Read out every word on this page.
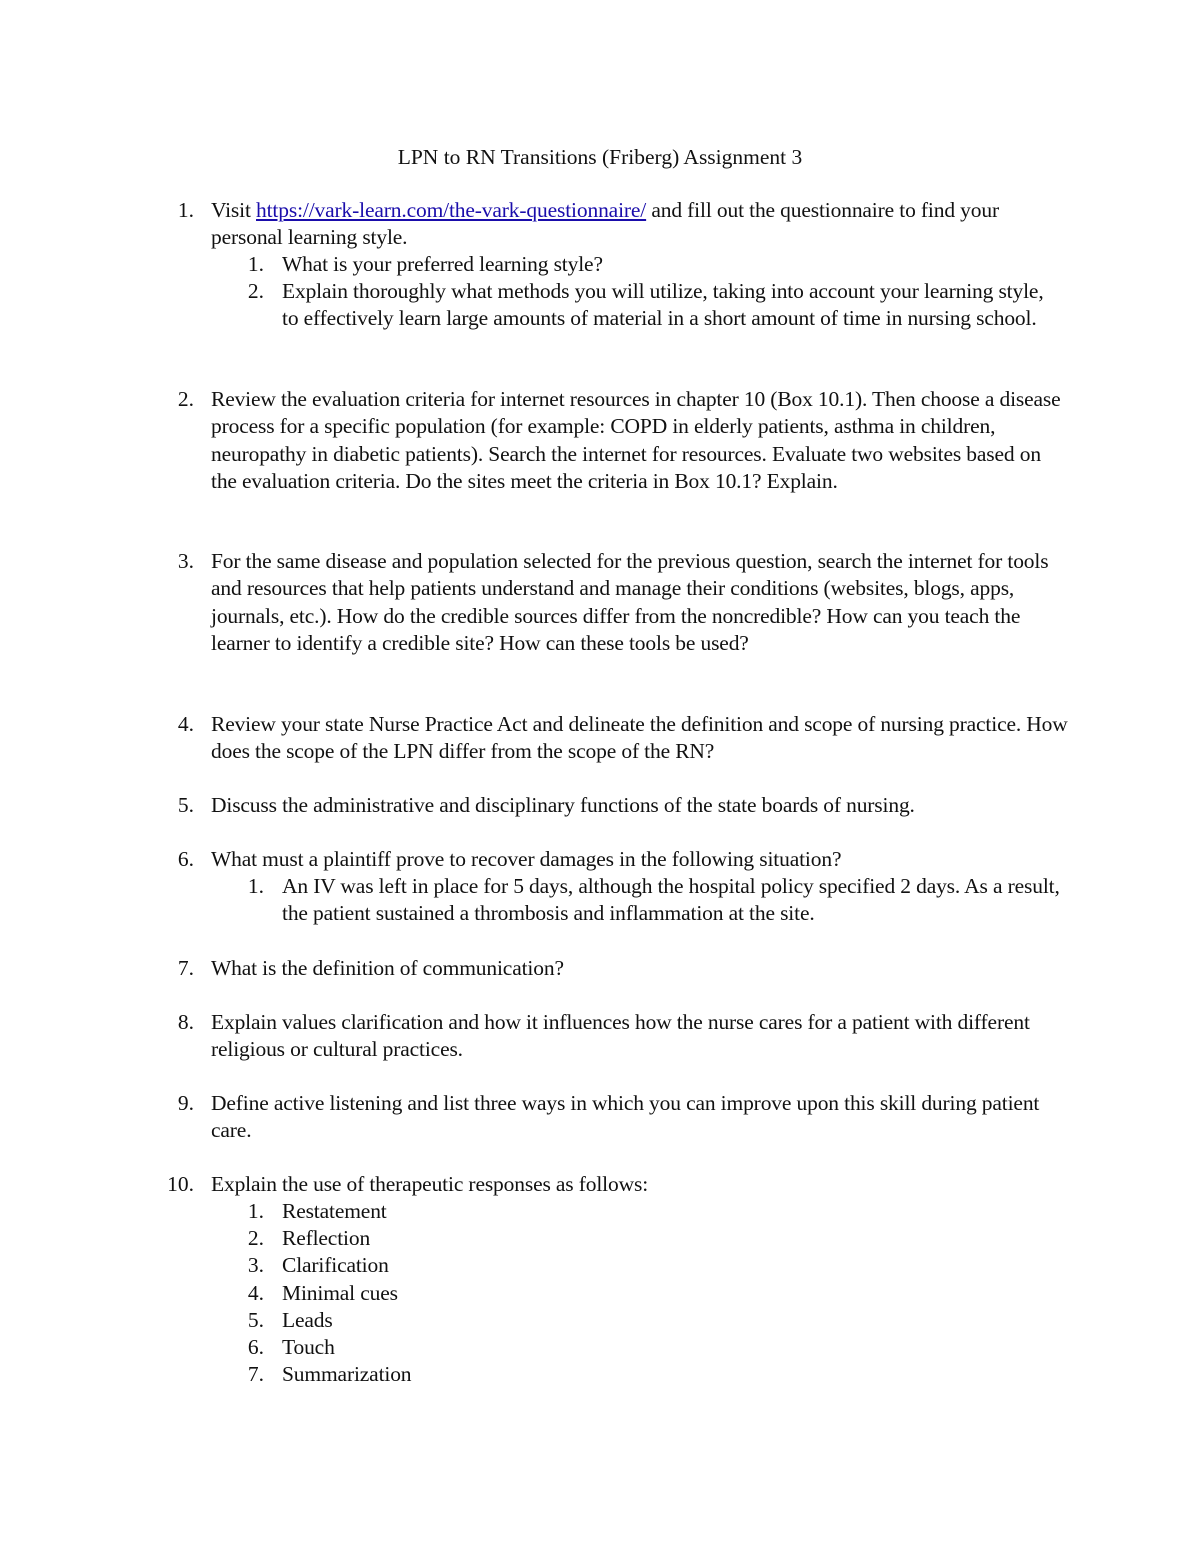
LPN to RN Transitions (Friberg) Assignment 3
1. Visit https://vark-learn.com/the-vark-questionnaire/ and fill out the questionnaire to find your personal learning style.
1. What is your preferred learning style?
2. Explain thoroughly what methods you will utilize, taking into account your learning style, to effectively learn large amounts of material in a short amount of time in nursing school.
2. Review the evaluation criteria for internet resources in chapter 10 (Box 10.1). Then choose a disease process for a specific population (for example: COPD in elderly patients, asthma in children, neuropathy in diabetic patients). Search the internet for resources. Evaluate two websites based on the evaluation criteria. Do the sites meet the criteria in Box 10.1? Explain.
3. For the same disease and population selected for the previous question, search the internet for tools and resources that help patients understand and manage their conditions (websites, blogs, apps, journals, etc.). How do the credible sources differ from the noncredible? How can you teach the learner to identify a credible site? How can these tools be used?
4. Review your state Nurse Practice Act and delineate the definition and scope of nursing practice. How does the scope of the LPN differ from the scope of the RN?
5. Discuss the administrative and disciplinary functions of the state boards of nursing.
6. What must a plaintiff prove to recover damages in the following situation?
1. An IV was left in place for 5 days, although the hospital policy specified 2 days. As a result, the patient sustained a thrombosis and inflammation at the site.
7. What is the definition of communication?
8. Explain values clarification and how it influences how the nurse cares for a patient with different religious or cultural practices.
9. Define active listening and list three ways in which you can improve upon this skill during patient care.
10. Explain the use of therapeutic responses as follows:
1. Restatement
2. Reflection
3. Clarification
4. Minimal cues
5. Leads
6. Touch
7. Summarization
